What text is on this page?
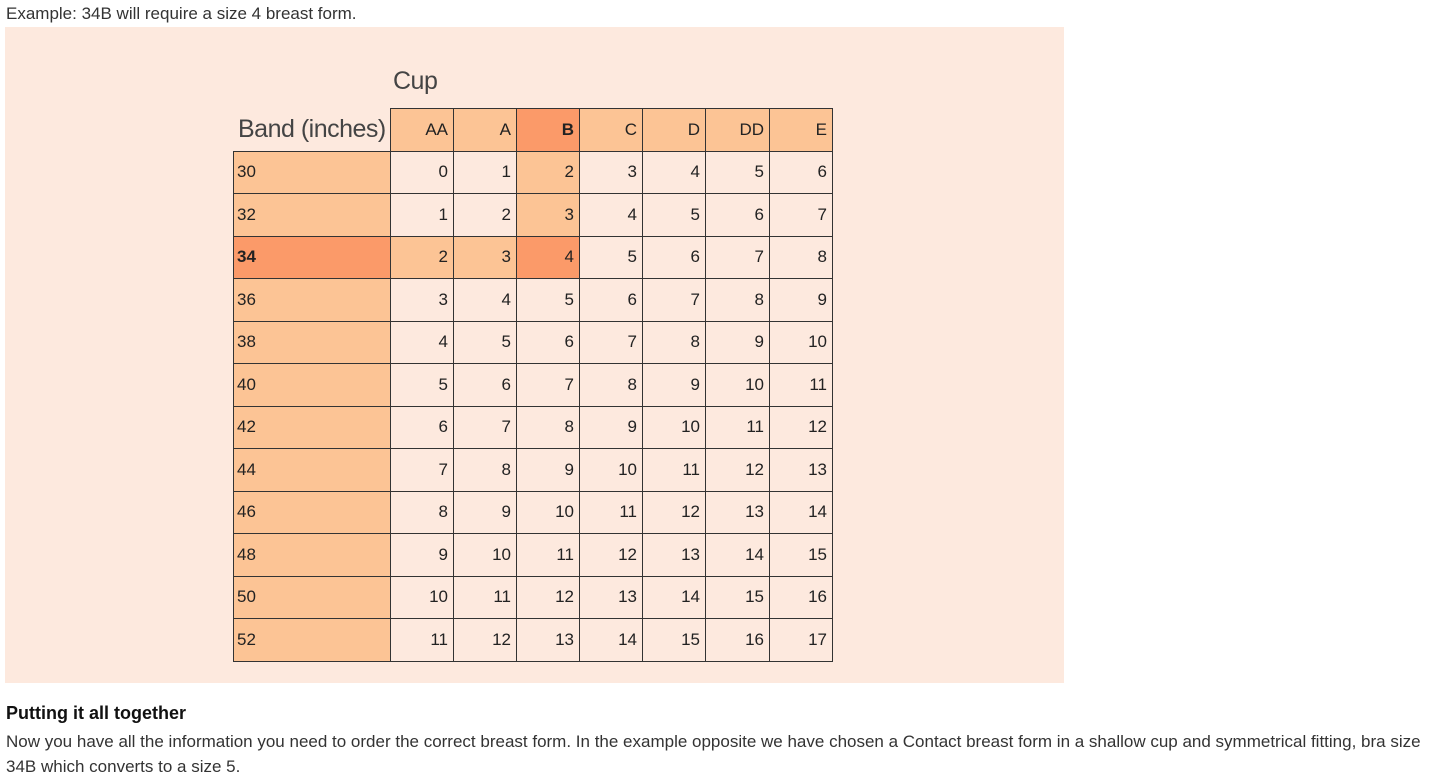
Example: 34B will require a size 4 breast form.
Cup
Band (inches)
	AA	A	B	C	D	DD	E
30	0	1	2	3	4	5	6
32	1	2	3	4	5	6	7
34	2	3	4	5	6	7	8
36	3	4	5	6	7	8	9
38	4	5	6	7	8	9	10
40	5	6	7	8	9	10	11
42	6	7	8	9	10	11	12
44	7	8	9	10	11	12	13
46	8	9	10	11	12	13	14
48	9	10	11	12	13	14	15
50	10	11	12	13	14	15	16
52	11	12	13	14	15	16	17
Putting it all together
Now you have all the information you need to order the correct breast form. In the example opposite we have chosen a Contact breast form in a shallow cup and symmetrical fitting, bra size 34B which converts to a size 5.
